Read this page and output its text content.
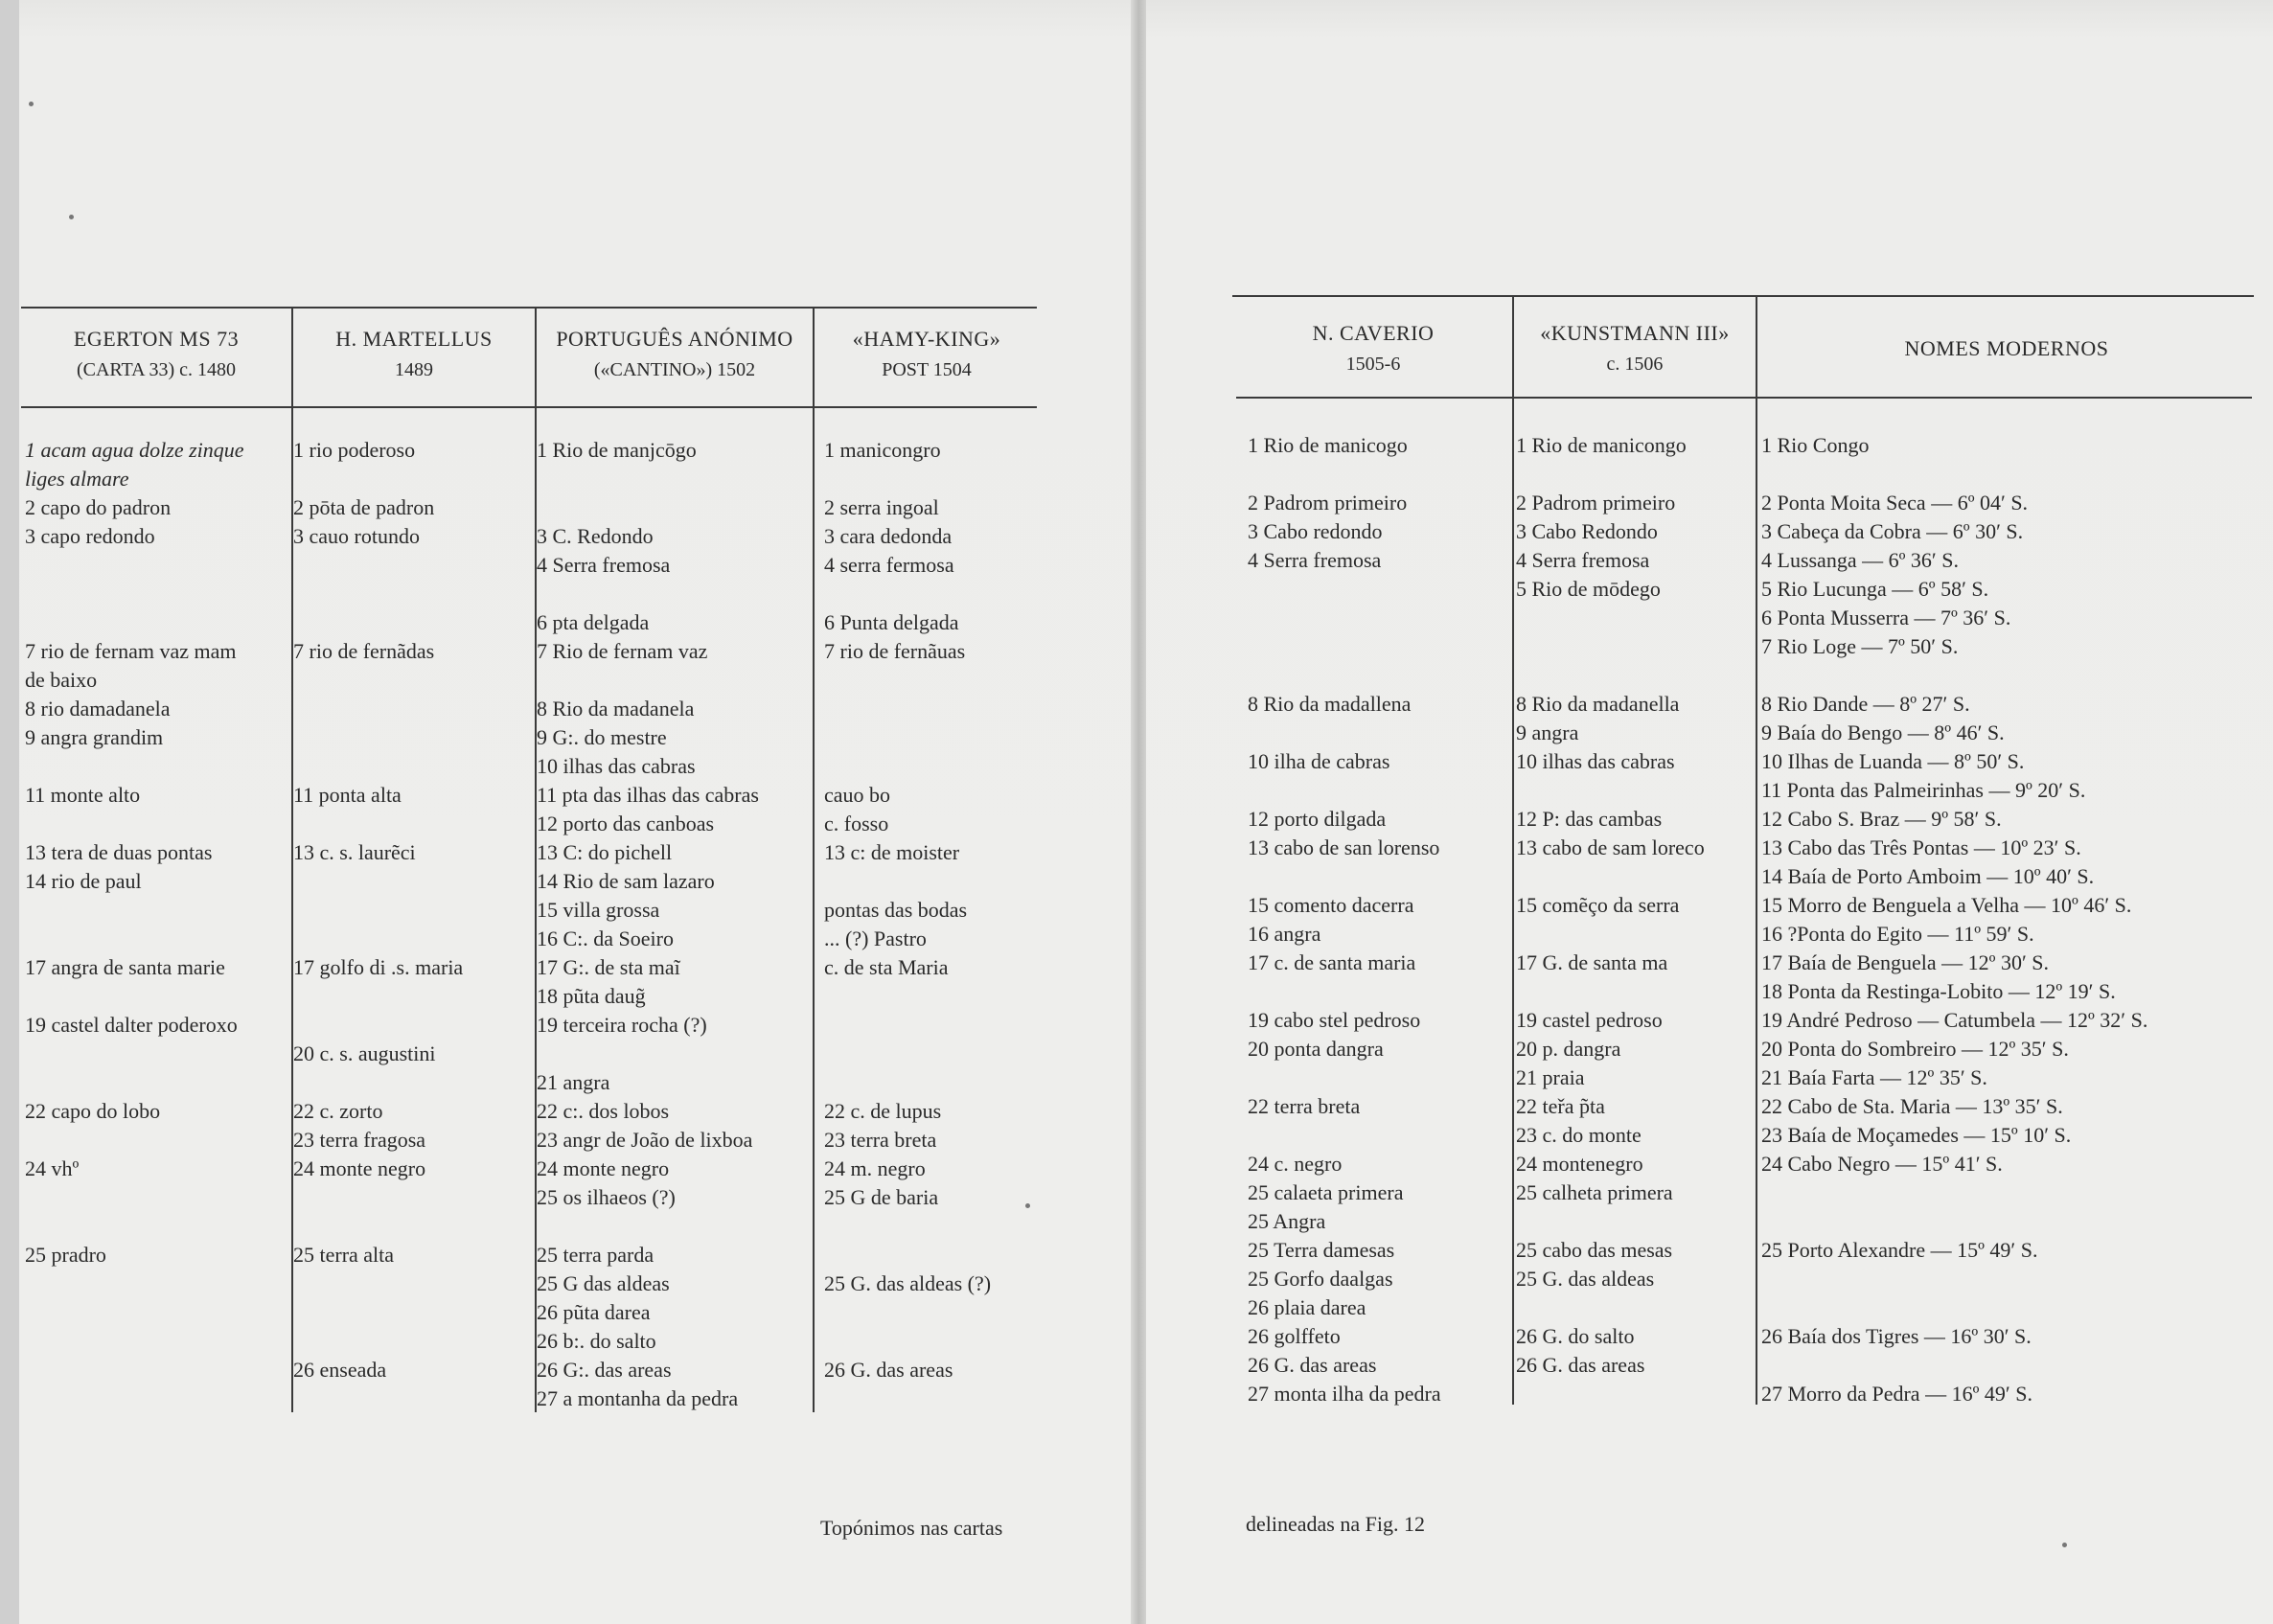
EGERTON MS 73
(CARTA 33) c. 1480
H. MARTELLUS
1489
PORTUGUÊS ANÓNIMO
(«CANTINO») 1502
«HAMY-KING»
POST 1504
N. CAVERIO
1505-6
«KUNSTMANN III»
c. 1506
NOMES MODERNOS
1 acam agua dolze zinque
liges almare
2 capo do padron
3 capo redondo
7 rio de fernam vaz mam
de baixo
8 rio damadanela
9 angra grandim
11 monte alto
13 tera de duas pontas
14 rio de paul
17 angra de santa marie
19 castel dalter poderoxo
22 capo do lobo
24 vhº
25 pradro
1 rio poderoso
2 pōta de padron
3 cauo rotundo
7 rio de fernãdas
11 ponta alta
13 c. s. laurẽci
17 golfo di .s. maria
20 c. s. augustini
22 c. zorto
23 terra fragosa
24 monte negro
25 terra alta
26 enseada
1 Rio de manjcōgo
3 C. Redondo
4 Serra fremosa
6 pta delgada
7 Rio de fernam vaz
8 Rio da madanela
9 G:. do mestre
10 ilhas das cabras
11 pta das ilhas das cabras
12 porto das canboas
13 C: do pichell
14 Rio de sam lazaro
15 villa grossa
16 C:. da Soeiro
17 G:. de sta maĩ
18 pũta daug̃
19 terceira rocha (?)
21 angra
22 c:. dos lobos
23 angr de João de lixboa
24 monte negro
25 os ilhaeos (?)
25 terra parda
25 G das aldeas
26 pũta darea
26 b:. do salto
26 G:. das areas
27 a montanha da pedra
1 manicongro
2 serra ingoal
3 cara dedonda
4 serra fermosa
6 Punta delgada
7 rio de fernãuas
cauo bo
c. fosso
13 c: de moister
pontas das bodas
... (?) Pastro
c. de sta Maria
22 c. de lupus
23 terra breta
24 m. negro
25 G de baria
25 G. das aldeas (?)
26 G. das areas
1 Rio de manicogo
2 Padrom primeiro
3 Cabo redondo
4 Serra fremosa
8 Rio da madallena
10 ilha de cabras
12 porto dilgada
13 cabo de san lorenso
15 comento dacerra
16 angra
17 c. de santa maria
19 cabo stel pedroso
20 ponta dangra
22 terra breta
24 c. negro
25 calaeta primera
25 Angra
25 Terra damesas
25 Gorfo daalgas
26 plaia darea
26 golffeto
26 G. das areas
27 monta ilha da pedra
1 Rio de manicongo
2 Padrom primeiro
3 Cabo Redondo
4 Serra fremosa
5 Rio de mōdego
8 Rio da madanella
9 angra
10 ilhas das cabras
12 P: das cambas
13 cabo de sam loreco
15 comẽço da serra
17 G. de santa ma
19 castel pedroso
20 p. dangra
21 praia
22 teřa p̃ta
23 c. do monte
24 montenegro
25 calheta primera
25 cabo das mesas
25 G. das aldeas
26 G. do salto
26 G. das areas
1 Rio Congo
2 Ponta Moita Seca — 6º 04′ S.
3 Cabeça da Cobra — 6º 30′ S.
4 Lussanga — 6º 36′ S.
5 Rio Lucunga — 6º 58′ S.
6 Ponta Musserra — 7º 36′ S.
7 Rio Loge — 7º 50′ S.
8 Rio Dande — 8º 27′ S.
9 Baía do Bengo — 8º 46′ S.
10 Ilhas de Luanda — 8º 50′ S.
11 Ponta das Palmeirinhas — 9º 20′ S.
12 Cabo S. Braz — 9º 58′ S.
13 Cabo das Três Pontas — 10º 23′ S.
14 Baía de Porto Amboim — 10º 40′ S.
15 Morro de Benguela a Velha — 10º 46′ S.
16 ?Ponta do Egito — 11º 59′ S.
17 Baía de Benguela — 12º 30′ S.
18 Ponta da Restinga-Lobito — 12º 19′ S.
19 André Pedroso — Catumbela — 12º 32′ S.
20 Ponta do Sombreiro — 12º 35′ S.
21 Baía Farta — 12º 35′ S.
22 Cabo de Sta. Maria — 13º 35′ S.
23 Baía de Moçamedes — 15º 10′ S.
24 Cabo Negro — 15º 41′ S.
25 Porto Alexandre — 15º 49′ S.
26 Baía dos Tigres — 16º 30′ S.
27 Morro da Pedra — 16º 49′ S.
Topónimos nas cartas	delineadas na Fig. 12
